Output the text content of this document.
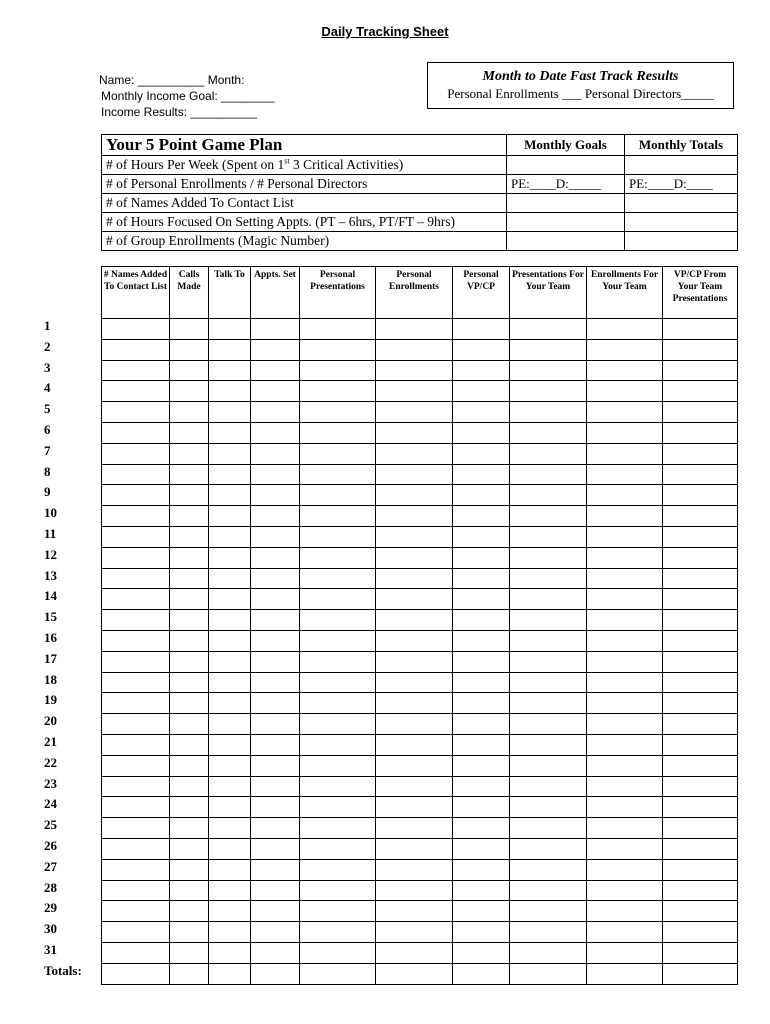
Daily Tracking Sheet
Name: __________ Month:
Monthly Income Goal: ________
Income Results: __________
Month to Date Fast Track Results
Personal Enrollments ___ Personal Directors_____
Your 5 Point Game Plan	Monthly Goals	Monthly Totals
# of Hours Per Week (Spent on 1st 3 Critical Activities)		
# of Personal Enrollments / # Personal Directors	PE:____D:_____	PE:____D:____
# of Names Added To Contact List		
# of Hours Focused On Setting Appts. (PT – 6hrs, PT/FT – 9hrs)		
# of Group Enrollments (Magic Number)		
# Names Added To Contact List	Calls Made	Talk To	Appts. Set	Personal Presentations	Personal Enrollments	Personal VP/CP	Presentations For Your Team	Enrollments For Your Team	VP/CP From Your Team Presentations

1
2
3
4
5
6
7
8
9
10
11
12
13
14
15
16
17
18
19
20
21
22
23
24
25
26
27
28
29
30
31
Totals:
